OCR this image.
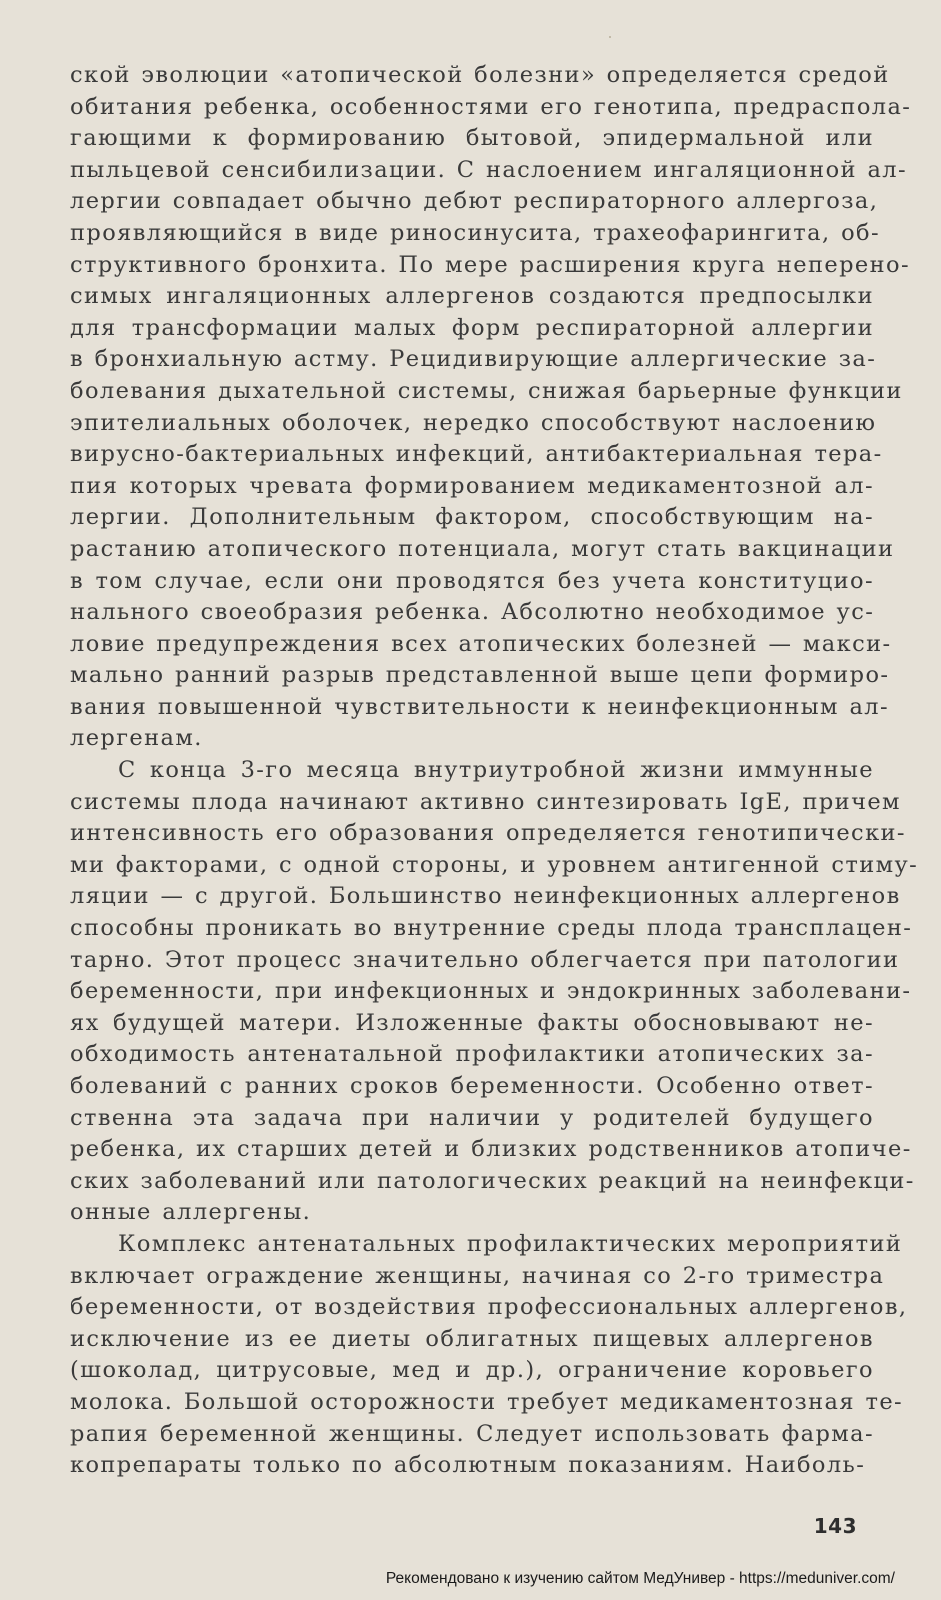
ской эволюции «атопической болезни» определяется средой
обитания ребенка, особенностями его генотипа, предраспола-
гающими к формированию бытовой, эпидермальной или
пыльцевой сенсибилизации. С наслоением ингаляционной ал-
лергии совпадает обычно дебют респираторного аллергоза,
проявляющийся в виде риносинусита, трахеофарингита, об-
структивного бронхита. По мере расширения круга неперено-
симых ингаляционных аллергенов создаются предпосылки
для трансформации малых форм респираторной аллергии
в бронхиальную астму. Рецидивирующие аллергические за-
болевания дыхательной системы, снижая барьерные функции
эпителиальных оболочек, нередко способствуют наслоению
вирусно-бактериальных инфекций, антибактериальная тера-
пия которых чревата формированием медикаментозной ал-
лергии. Дополнительным фактором, способствующим на-
растанию атопического потенциала, могут стать вакцинации
в том случае, если они проводятся без учета конституцио-
нального своеобразия ребенка. Абсолютно необходимое ус-
ловие предупреждения всех атопических болезней — макси-
мально ранний разрыв представленной выше цепи формиро-
вания повышенной чувствительности к неинфекционным ал-
лергенам.
С конца 3-го месяца внутриутробной жизни иммунные
системы плода начинают активно синтезировать IgE, причем
интенсивность его образования определяется генотипически-
ми факторами, с одной стороны, и уровнем антигенной стиму-
ляции — с другой. Большинство неинфекционных аллергенов
способны проникать во внутренние среды плода трансплацен-
тарно. Этот процесс значительно облегчается при патологии
беременности, при инфекционных и эндокринных заболевани-
ях будущей матери. Изложенные факты обосновывают не-
обходимость антенатальной профилактики атопических за-
болеваний с ранних сроков беременности. Особенно ответ-
ственна эта задача при наличии у родителей будущего
ребенка, их старших детей и близких родственников атопиче-
ских заболеваний или патологических реакций на неинфекци-
онные аллергены.
Комплекс антенатальных профилактических мероприятий
включает ограждение женщины, начиная со 2-го триместра
беременности, от воздействия профессиональных аллергенов,
исключение из ее диеты облигатных пищевых аллергенов
(шоколад, цитрусовые, мед и др.), ограничение коровьего
молока. Большой осторожности требует медикаментозная те-
рапия беременной женщины. Следует использовать фарма-
копрепараты только по абсолютным показаниям. Наиболь-
143
Рекомендовано к изучению сайтом МедУнивер - https://meduniver.com/
